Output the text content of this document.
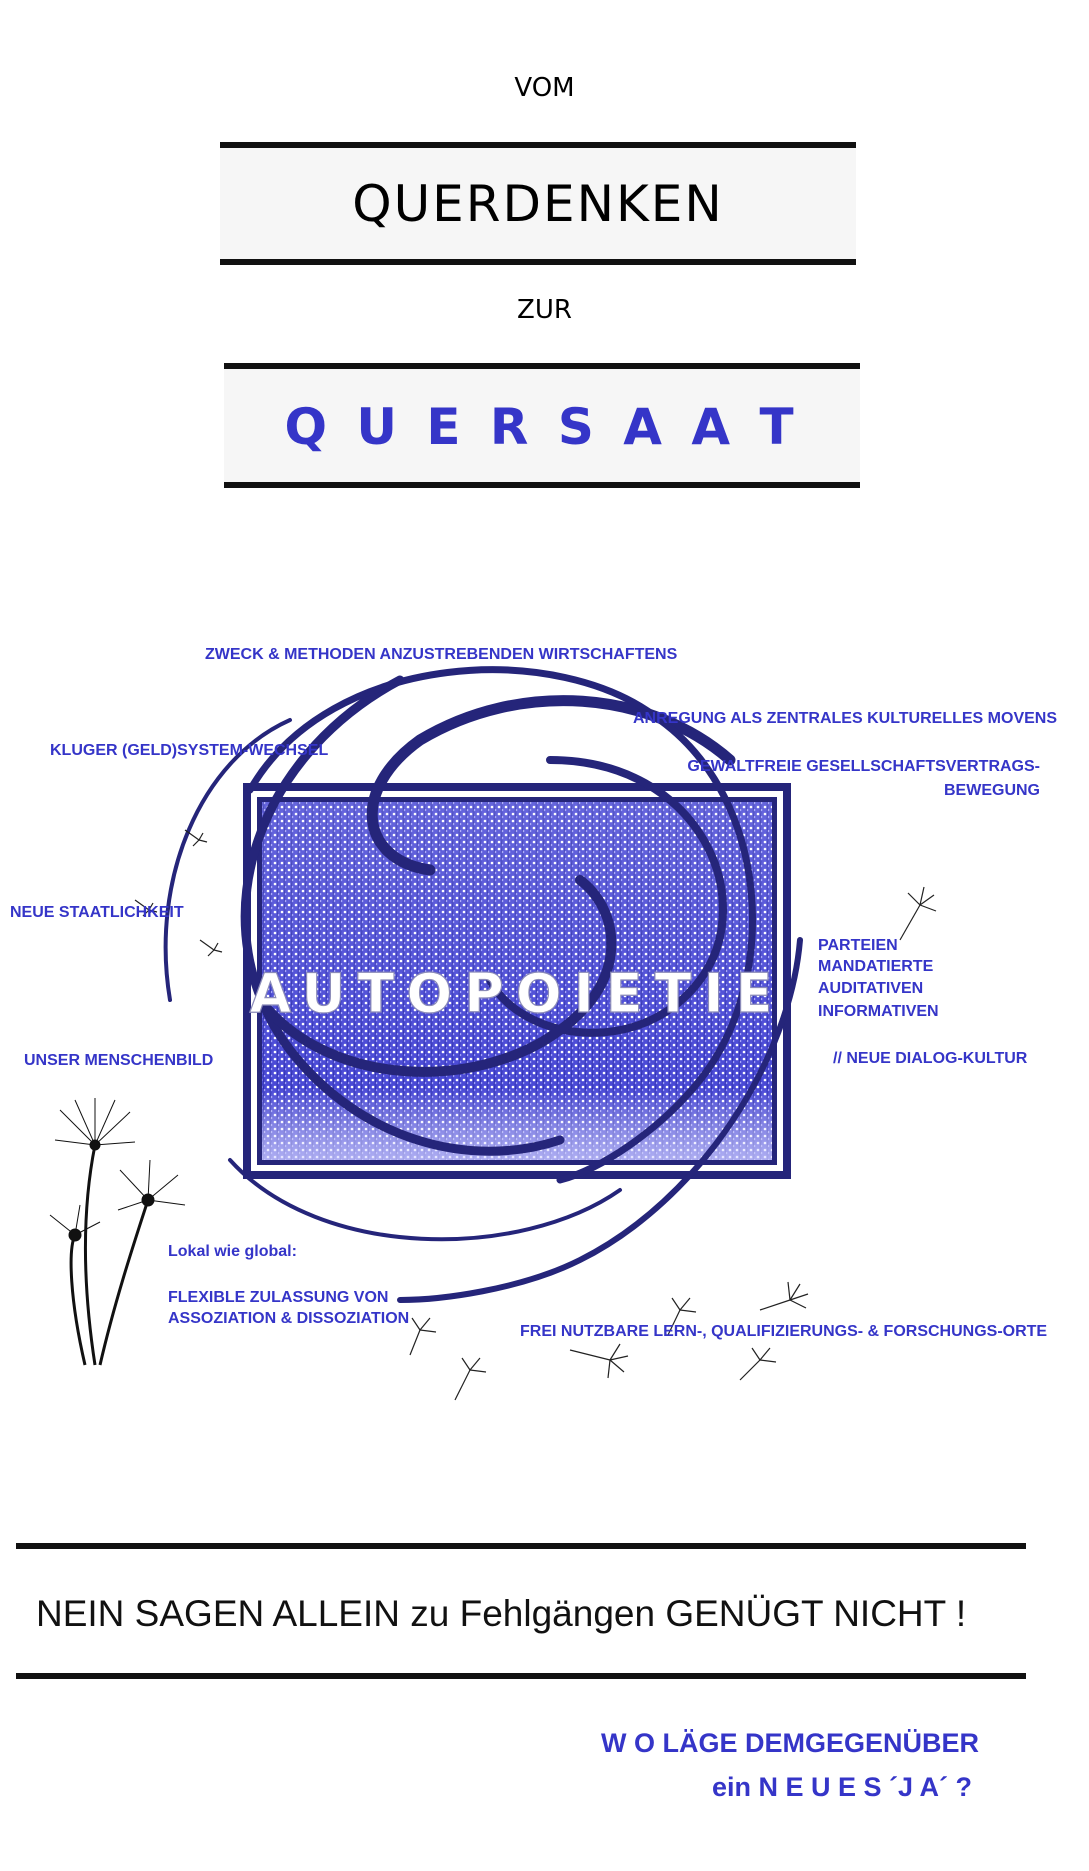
VOM
QUERDENKEN
ZUR
Q U E R S A A T
AUTOPOIETIE
ZWECK & METHODEN ANZUSTREBENDEN WIRTSCHAFTENS
ANREGUNG ALS ZENTRALES KULTURELLES MOVENS
KLUGER (GELD)SYSTEM-WECHSEL
GEWALTFREIE GESELLSCHAFTSVERTRAGS-
BEWEGUNG
NEUE STAATLICHKEIT
PARTEIEN
MANDATIERTE
AUDITATIVEN
INFORMATIVEN
// NEUE DIALOG-KULTUR
UNSER MENSCHENBILD
Lokal wie global:
FLEXIBLE ZULASSUNG VON
ASSOZIATION & DISSOZIATION
FREI NUTZBARE LERN-, QUALIFIZIERUNGS- & FORSCHUNGS-ORTE
NEIN SAGEN ALLEIN zu Fehlgängen GENÜGT NICHT !
W O LÄGE DEMGEGENÜBER
ein N E U E S ´J A´ ?
